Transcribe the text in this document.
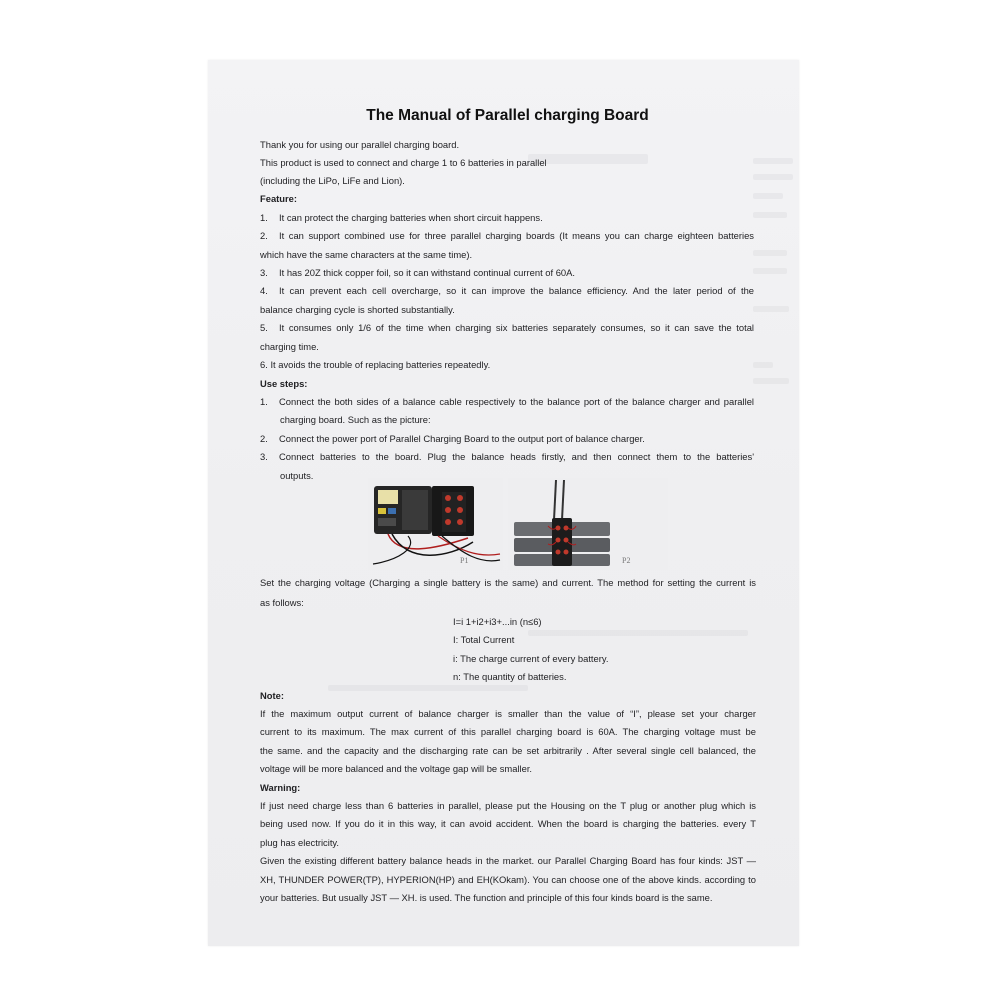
The Manual of Parallel charging Board
Thank you for using our parallel charging board.
This product is used to connect and charge 1 to 6 batteries in parallel
(including the LiPo, LiFe and Lion).
Feature:
1. It can protect the charging batteries when short circuit happens.
2. It can support combined use for three parallel charging boards (It means you can charge eighteen batteries
which have the same characters at the same time).
3. It has 20Z thick copper foil, so it can withstand continual current of 60A.
4. It can prevent each cell overcharge, so it can improve the balance efficiency. And the later period of the
balance charging cycle is shorted substantially.
5. It consumes only 1/6 of the time when charging six batteries separately consumes, so it can save the total
charging time.
6. It avoids the trouble of replacing batteries repeatedly.
Use steps:
1. Connect the both sides of a balance cable respectively to the balance port of the balance charger and parallel
charging board. Such as the picture:
2. Connect the power port of Parallel Charging Board to the output port of balance charger.
3. Connect batteries to the board. Plug the balance heads firstly, and then connect them to the batteries'
outputs.
P1	P2
Set the charging voltage (Charging a single battery is the same) and current. The method for setting the current is
as follows:
I=i 1+i2+i3+...in (n≤6)
I: Total Current
i: The charge current of every battery.
n: The quantity of batteries.
Note:
If the maximum output current of balance charger is smaller than the value of “I”, please set your charger
current to its maximum. The max current of this parallel charging board is 60A. The charging voltage must be
the same. and the capacity and the discharging rate can be set arbitrarily . After several single cell balanced, the
voltage will be more balanced and the voltage gap will be smaller.
Warning:
If just need charge less than 6 batteries in parallel, please put the Housing on the T plug or another plug which is
being used now. If you do it in this way, it can avoid accident. When the board is charging the batteries. every T
plug has electricity.
Given the existing different battery balance heads in the market. our Parallel Charging Board has four kinds: JST —
XH, THUNDER POWER(TP), HYPERION(HP) and EH(KOkam). You can choose one of the above kinds. according to
your batteries. But usually JST — XH. is used. The function and principle of this four kinds board is the same.
